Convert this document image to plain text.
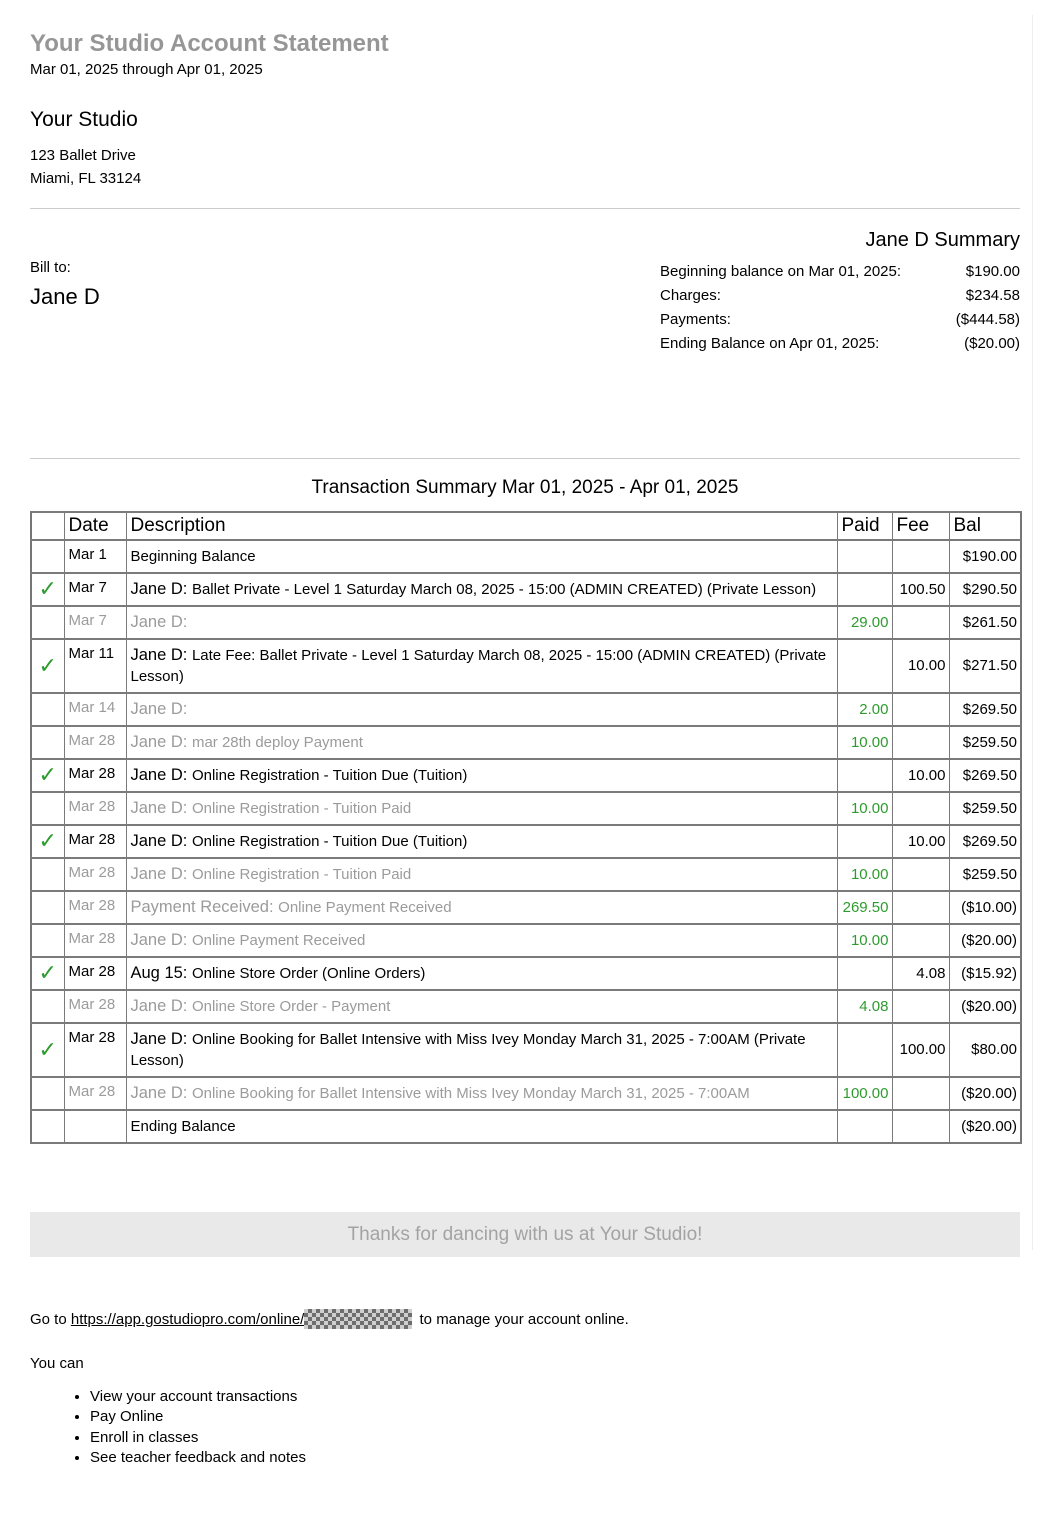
Your Studio Account Statement
Mar 01, 2025 through Apr 01, 2025
Your Studio
123 Ballet Drive
Miami, FL 33124
Bill to:
Jane D
Jane D Summary
Beginning balance on Mar 01, 2025:	$190.00
Charges:	$234.58
Payments:	($444.58)
Ending Balance on Apr 01, 2025:	($20.00)
Transaction Summary Mar 01, 2025 - Apr 01, 2025
	Date	Description	Paid	Fee	Bal
	Mar 1	Beginning Balance			$190.00
✓	Mar 7	Jane D: Ballet Private - Level 1 Saturday March 08, 2025 - 15:00 (ADMIN CREATED) (Private Lesson)		100.50	$290.50
	Mar 7	Jane D:	29.00		$261.50
✓	Mar 11	Jane D: Late Fee: Ballet Private - Level 1 Saturday March 08, 2025 - 15:00 (ADMIN CREATED) (Private Lesson)		10.00	$271.50
	Mar 14	Jane D:	2.00		$269.50
	Mar 28	Jane D: mar 28th deploy Payment	10.00		$259.50
✓	Mar 28	Jane D: Online Registration - Tuition Due (Tuition)		10.00	$269.50
	Mar 28	Jane D: Online Registration - Tuition Paid	10.00		$259.50
✓	Mar 28	Jane D: Online Registration - Tuition Due (Tuition)		10.00	$269.50
	Mar 28	Jane D: Online Registration - Tuition Paid	10.00		$259.50
	Mar 28	Payment Received: Online Payment Received	269.50		($10.00)
	Mar 28	Jane D: Online Payment Received	10.00		($20.00)
✓	Mar 28	Aug 15: Online Store Order (Online Orders)		4.08	($15.92)
	Mar 28	Jane D: Online Store Order - Payment	4.08		($20.00)
✓	Mar 28	Jane D: Online Booking for Ballet Intensive with Miss Ivey Monday March 31, 2025 - 7:00AM (Private Lesson)		100.00	$80.00
	Mar 28	Jane D: Online Booking for Ballet Intensive with Miss Ivey Monday March 31, 2025 - 7:00AM	100.00		($20.00)
		Ending Balance			($20.00)
Thanks for dancing with us at Your Studio!
Go to https://app.gostudiopro.com/online/	to manage your account online.
You can
• View your account transactions
• Pay Online
• Enroll in classes
• See teacher feedback and notes
